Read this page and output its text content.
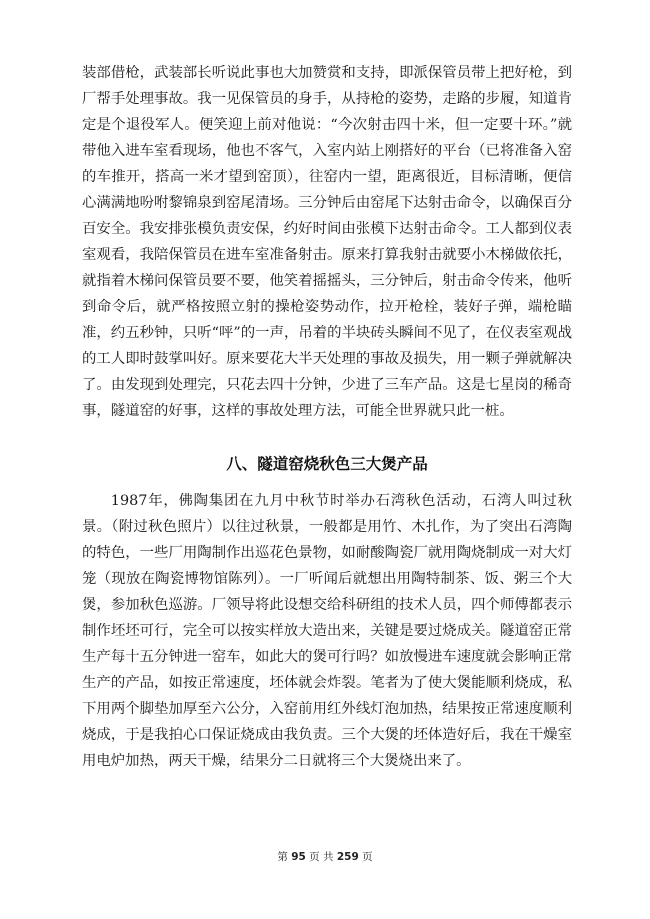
装部借枪，武装部长听说此事也大加赞赏和支持，即派保管员带上把好枪，到厂帮手处理事故。我一见保管员的身手，从持枪的姿势，走路的步履，知道肯定是个退役军人。便笑迎上前对他说：“今次射击四十米，但一定要十环。”就带他入进车室看现场，他也不客气，入室内站上刚搭好的平台（已将准备入窑的车推开，搭高一米才望到窑顶），往窑内一望，距离很近，目标清晰，便信心满满地吩咐黎锦泉到窑尾清场。三分钟后由窑尾下达射击命令，以确保百分百安全。我安排张模负责安保，约好时间由张模下达射击命令。工人都到仪表室观看，我陪保管员在进车室准备射击。原来打算我射击就要小木梯做依托，就指着木梯问保管员要不要，他笑着摇摇头，三分钟后，射击命令传来，他听到命令后，就严格按照立射的操枪姿势动作，拉开枪栓，装好子弹，端枪瞄准，约五秒钟，只听“呯”的一声，吊着的半块砖头瞬间不见了，在仪表室观战的工人即时鼓掌叫好。原来要花大半天处理的事故及损失，用一颗子弹就解决了。由发现到处理完，只花去四十分钟，少进了三车产品。这是七星岗的稀奇事，隧道窑的好事，这样的事故处理方法，可能全世界就只此一桩。

八、隧道窑烧秋色三大煲产品

1987年，佛陶集团在九月中秋节时举办石湾秋色活动，石湾人叫过秋景。（附过秋色照片）以往过秋景，一般都是用竹、木扎作，为了突出石湾陶的特色，一些厂用陶制作出巡花色景物，如耐酸陶瓷厂就用陶烧制成一对大灯笼（现放在陶瓷博物馆陈列）。一厂听闻后就想出用陶特制茶、饭、粥三个大煲，参加秋色巡游。厂领导将此设想交给科研组的技术人员，四个师傅都表示制作坯坯可行，完全可以按实样放大造出来，关键是要过烧成关。隧道窑正常生产每十五分钟进一窑车，如此大的煲可行吗？如放慢进车速度就会影响正常生产的产品，如按正常速度，坯体就会炸裂。笔者为了使大煲能顺利烧成，私下用两个脚垫加厚至六公分，入窑前用红外线灯泡加热，结果按正常速度顺利烧成，于是我拍心口保证烧成由我负责。三个大煲的坯体造好后，我在干燥室用电炉加热，两天干燥，结果分二日就将三个大煲烧出来了。

第 95 页 共 259 页
